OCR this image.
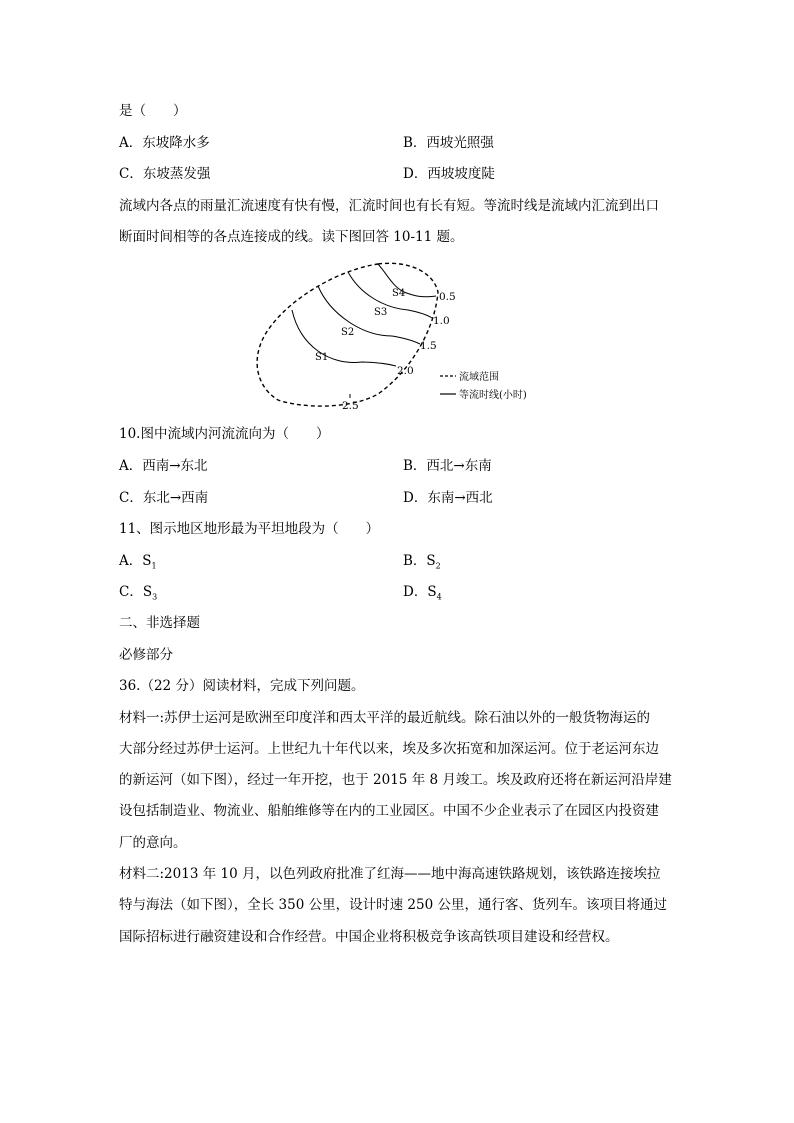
是（　　）
A．东坡降水多	B．西坡光照强
C．东坡蒸发强	D．西坡坡度陡
流域内各点的雨量汇流速度有快有慢，汇流时间也有长有短。等流时线是流域内汇流到出口
断面时间相等的各点连接成的线。读下图回答 10-11 题。
S4
S3
S2
S1
0.5
1.0
1.5
2.0
2.5
流域范围
等流时线(小时)
10.图中流域内河流流向为（　　）
A．西南→东北	B．西北→东南
C．东北→西南	D．东南→西北
11、图示地区地形最为平坦地段为（　　）
A．$S_1$	B．$S_2$
C．$S_3$	D．$S_4$
二、非选择题
必修部分
36.（22 分）阅读材料，完成下列问题。
材料一:苏伊士运河是欧洲至印度洋和西太平洋的最近航线。除石油以外的一般货物海运的
大部分经过苏伊士运河。上世纪九十年代以来，埃及多次拓宽和加深运河。位于老运河东边
的新运河（如下图），经过一年开挖，也于 2015 年 8 月竣工。埃及政府还将在新运河沿岸建
设包括制造业、物流业、船舶维修等在内的工业园区。中国不少企业表示了在园区内投资建
厂的意向。
材料二:2013 年 10 月，以色列政府批准了红海——地中海高速铁路规划，该铁路连接埃拉
特与海法（如下图），全长 350 公里，设计时速 250 公里，通行客、货列车。该项目将通过
国际招标进行融资建设和合作经营。中国企业将积极竞争该高铁项目建设和经营权。
